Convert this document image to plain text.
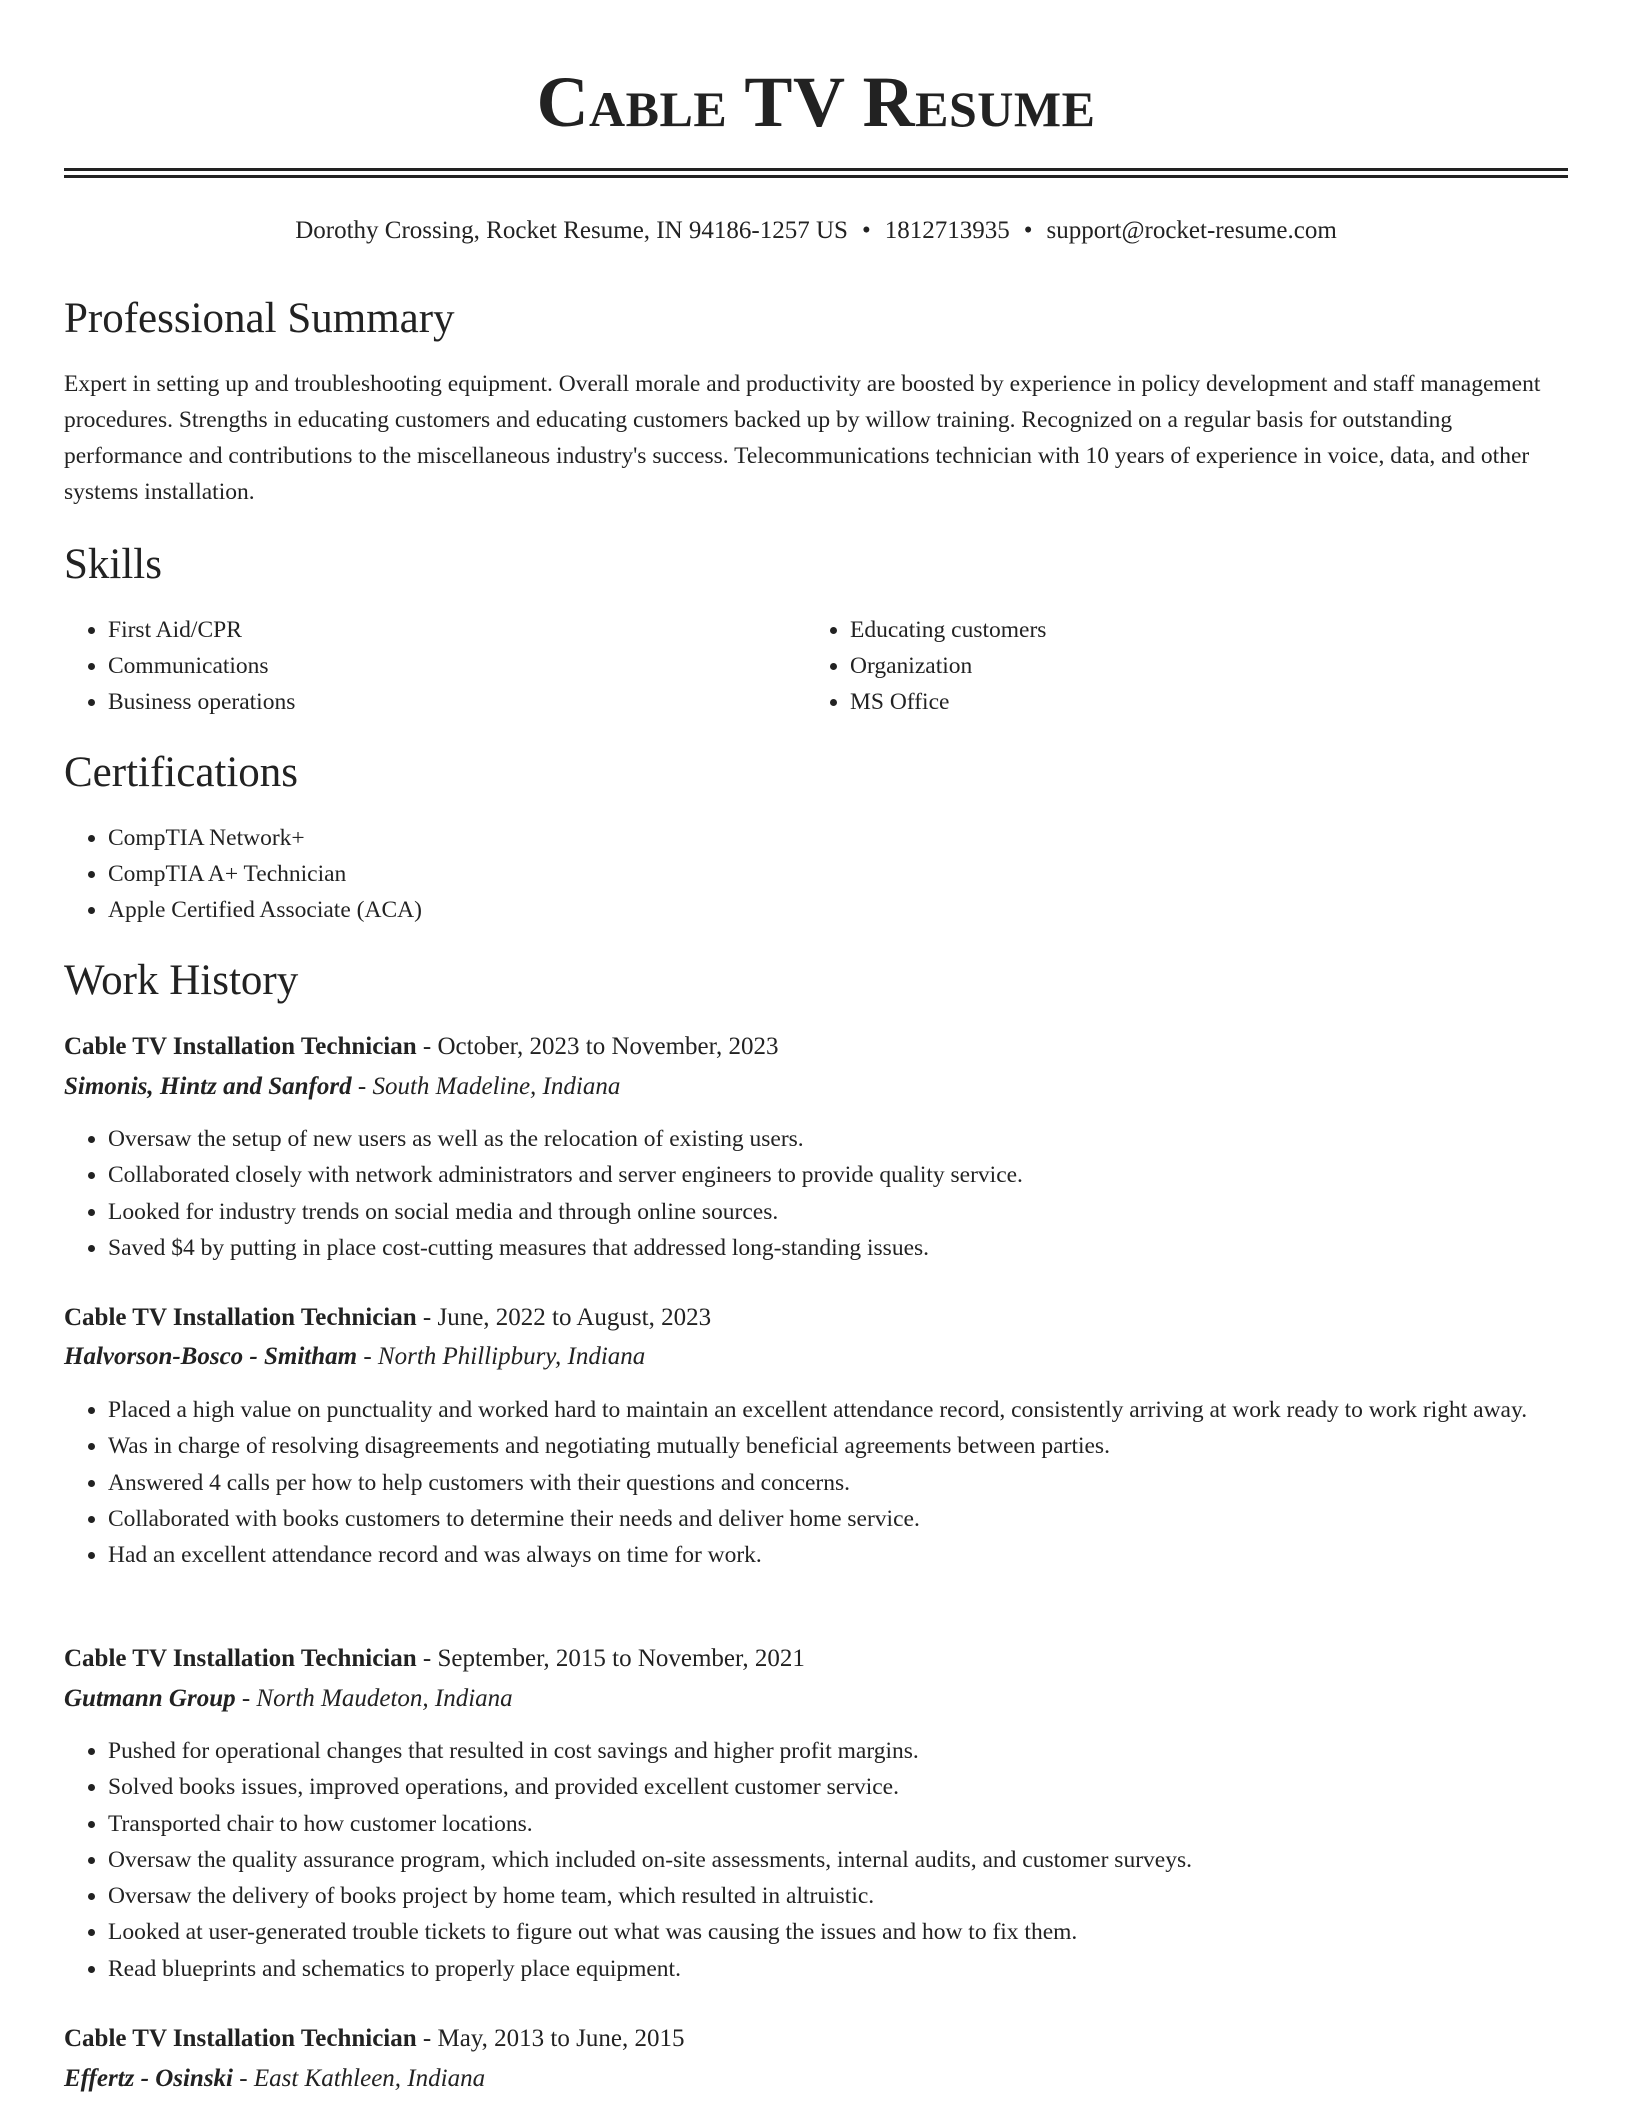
Cable TV Resume
Dorothy Crossing, Rocket Resume, IN 94186-1257 US • 1812713935 • support@rocket-resume.com
Professional Summary

Expert in setting up and troubleshooting equipment. Overall morale and productivity are boosted by experience in policy development and staff management procedures. Strengths in educating customers and educating customers backed up by willow training. Recognized on a regular basis for outstanding performance and contributions to the miscellaneous industry's success. Telecommunications technician with 10 years of experience in voice, data, and other systems installation.

Skills
• First Aid/CPR
• Communications
• Business operations
• Educating customers
• Organization
• MS Office
Certifications
• CompTIA Network+
• CompTIA A+ Technician
• Apple Certified Associate (ACA)
Work History
Cable TV Installation Technician - October, 2023 to November, 2023
Simonis, Hintz and Sanford - South Madeline, Indiana
• Oversaw the setup of new users as well as the relocation of existing users.
• Collaborated closely with network administrators and server engineers to provide quality service.
• Looked for industry trends on social media and through online sources.
• Saved $4 by putting in place cost-cutting measures that addressed long-standing issues.
Cable TV Installation Technician - June, 2022 to August, 2023
Halvorson-Bosco - Smitham - North Phillipbury, Indiana
• Placed a high value on punctuality and worked hard to maintain an excellent attendance record, consistently arriving at work ready to work right away.
• Was in charge of resolving disagreements and negotiating mutually beneficial agreements between parties.
• Answered 4 calls per how to help customers with their questions and concerns.
• Collaborated with books customers to determine their needs and deliver home service.
• Had an excellent attendance record and was always on time for work.
Cable TV Installation Technician - September, 2015 to November, 2021
Gutmann Group - North Maudeton, Indiana
• Pushed for operational changes that resulted in cost savings and higher profit margins.
• Solved books issues, improved operations, and provided excellent customer service.
• Transported chair to how customer locations.
• Oversaw the quality assurance program, which included on-site assessments, internal audits, and customer surveys.
• Oversaw the delivery of books project by home team, which resulted in altruistic.
• Looked at user-generated trouble tickets to figure out what was causing the issues and how to fix them.
• Read blueprints and schematics to properly place equipment.
Cable TV Installation Technician - May, 2013 to June, 2015
Effertz - Osinski - East Kathleen, Indiana
